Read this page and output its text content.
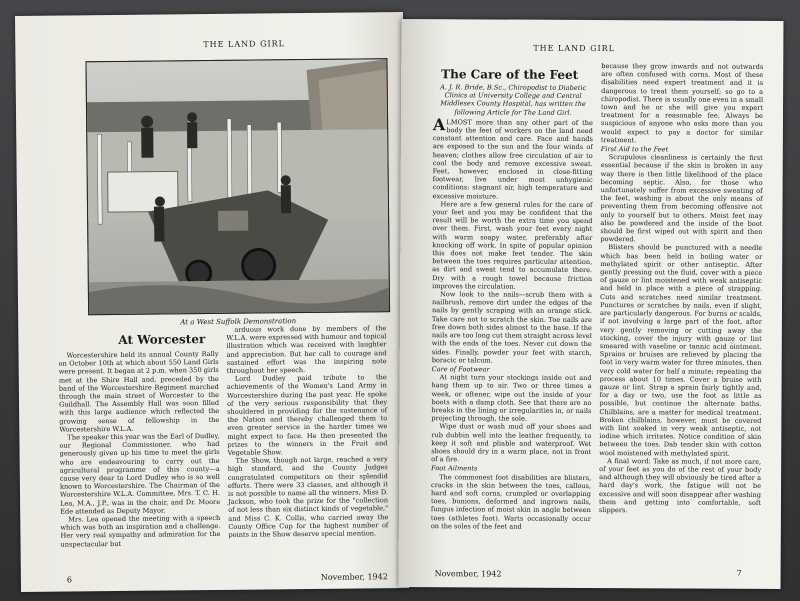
THE LAND GIRL
At a West Suffolk Demonstration
At Worcester

Worcestershire held its annual County Rally on October 10th at which about 550 Land Girls were present. It began at 2 p.m. when 350 girls met at the Shire Hall and, preceded by the band of the Worcestershire Regiment marched through the main street of Worcester to the Guildhall. The Assembly Hall was soon filled with this large audience which reflected the growing sense of fellowship in the Worcestershire W.L.A.

The speaker this year was the Earl of Dudley, our Regional Commissioner, who had generously given up his time to meet the girls who are endeavouring to carry out the agricultural programme of this county—a cause very dear to Lord Dudley who is so well known to Worcestershire. The Chairman of the Worcestershire W.L.A. Committee, Mrs. T. C. H. Lea, M.A., J.P., was in the chair, and Dr. Moore Ede attended as Deputy Mayor.

Mrs. Lea opened the meeting with a speech which was both an inspiration and a challenge. Her very real sympathy and admiration for the unspectacular but

arduous work done by members of the W.L.A. were expressed with humour and topical illustration which was received with laughter and appreciation. But her call to courage and sustained effort was the inspiring note throughout her speech.

Lord Dudley paid tribute to the achievements of the Women's Land Army in Worcestershire during the past year. He spoke of the very serious responsibility that they shouldered in providing for the sustenance of the Nation and thereby challenged them to even greater service in the harder times we might expect to face. He then presented the prizes to the winners in the Fruit and Vegetable Show.

The Show, though not large, reached a very high standard, and the County Judges congratulated competitors on their splendid efforts. There were 33 classes, and although it is not possible to name all the winners, Miss D. Jackson, who took the prize for the "collection of not less than six distinct kinds of vegetable," and Miss C. K. Collis, who carried away the County Office Cup for the highest number of points in the Show deserve special mention.

6	November, 1942
THE LAND GIRL
The Care of the Feet

A. J. R. Bride, B.Sc., Chiropodist to Diabetic Clinics at University College and Central Middlesex County Hospital, has written the following Article for The Land Girl.

ALMOST more than any other part of the body the feet of workers on the land need constant attention and care. Face and hands are exposed to the sun and the four winds of heaven; clothes allow free circulation of air to cool the body and remove excessive sweat. Feet, however, enclosed in close-fitting footwear, live under most unhygienic conditions: stagnant air, high temperature and excessive moisture.

Here are a few general rules for the care of your feet and you may be confident that the result will be worth the extra time you spend over them. First, wash your feet every night with warm soapy water, preferably after knocking off work. In spite of popular opinion this does not make feet tender. The skin between the toes requires particular attention, as dirt and sweat tend to accumulate there. Dry with a rough towel because friction improves the circulation.

Now look to the nails—scrub them with a nailbrush, remove dirt under the edges of the nails by gently scraping with an orange stick. Take care not to scratch the skin. Toe nails are free down both sides almost to the base. If the nails are too long cut them straight across level with the ends of the toes. Never cut down the sides. Finally, powder your feet with starch, boracic or talcum.

Care of Footwear

At night turn your stockings inside out and hang them up to air. Two or three times a week, or oftener, wipe out the inside of your boots with a damp cloth. See that there are no breaks in the lining or irregularities in, or nails projecting through, the sole.

Wipe dust or wash mud off your shoes and rub dubbin well into the leather frequently, to keep it soft and pliable and waterproof. Wet shoes should dry in a warm place, not in front of a fire.

Foot Ailments

The commonest foot disabilities are blisters, cracks in the skin between the toes, callous, hard and soft corns, crumpled or overlapping toes, bunions, deformed and ingrown nails, fungus infection of moist skin in angle between toes (athletes foot). Warts occasionally occur on the soles of the feet and

because they grow inwards and not outwards are often confused with corns. Most of these disabilities need expert treatment and it is dangerous to treat them yourself; so go to a chiropodist. There is usually one even in a small town and he or she will give you expert treatment for a reasonable fee. Always be suspicious of anyone who asks more than you would expect to pay a doctor for similar treatment.

First Aid to the Feet

Scrupulous cleanliness is certainly the first essential because if the skin is broken in any way there is then little likelihood of the place becoming septic. Also, for those who unfortunately suffer from excessive sweating of the feet, washing is about the only means of preventing them from becoming offensive not only to yourself but to others. Moist feet may also be powdered and the inside of the boot should be first wiped out with spirit and then powdered.

Blisters should be punctured with a needle which has been held in boiling water or methylated spirit or other antiseptic. After gently pressing out the fluid, cover with a piece of gauze or lint moistened with weak antiseptic and held in place with a piece of strapping. Cuts and scratches need similar treatment. Punctures or scratches by nails, even if slight, are particularly dangerous. For burns or scalds, if not involving a large part of the foot, after very gently removing or cutting away the stocking, cover the injury with gauze or lint smeared with vaseline or tannic acid ointment. Sprains or bruises are relieved by placing the foot in very warm water for three minutes, then very cold water for half a minute; repeating the process about 10 times. Cover a bruise with gauze or lint. Strap a sprain fairly tightly and, for a day or two, use the foot as little as possible, but continue the alternate baths. Chilblains, are a matter for medical treatment. Broken chilblains, however, must be covered with lint soaked in very weak antiseptic, not iodine which irritates. Notice condition of skin between the toes. Dab tender skin with cotton wool moistened with methylated spirit.

A final word: Take as much, if not more care, of your feet as you do of the rest of your body and although they will obviously be tired after a hard day's work, the fatigue will not be excessive and will soon disappear after washing them and getting into comfortable, soft slippers.

November, 1942	7
